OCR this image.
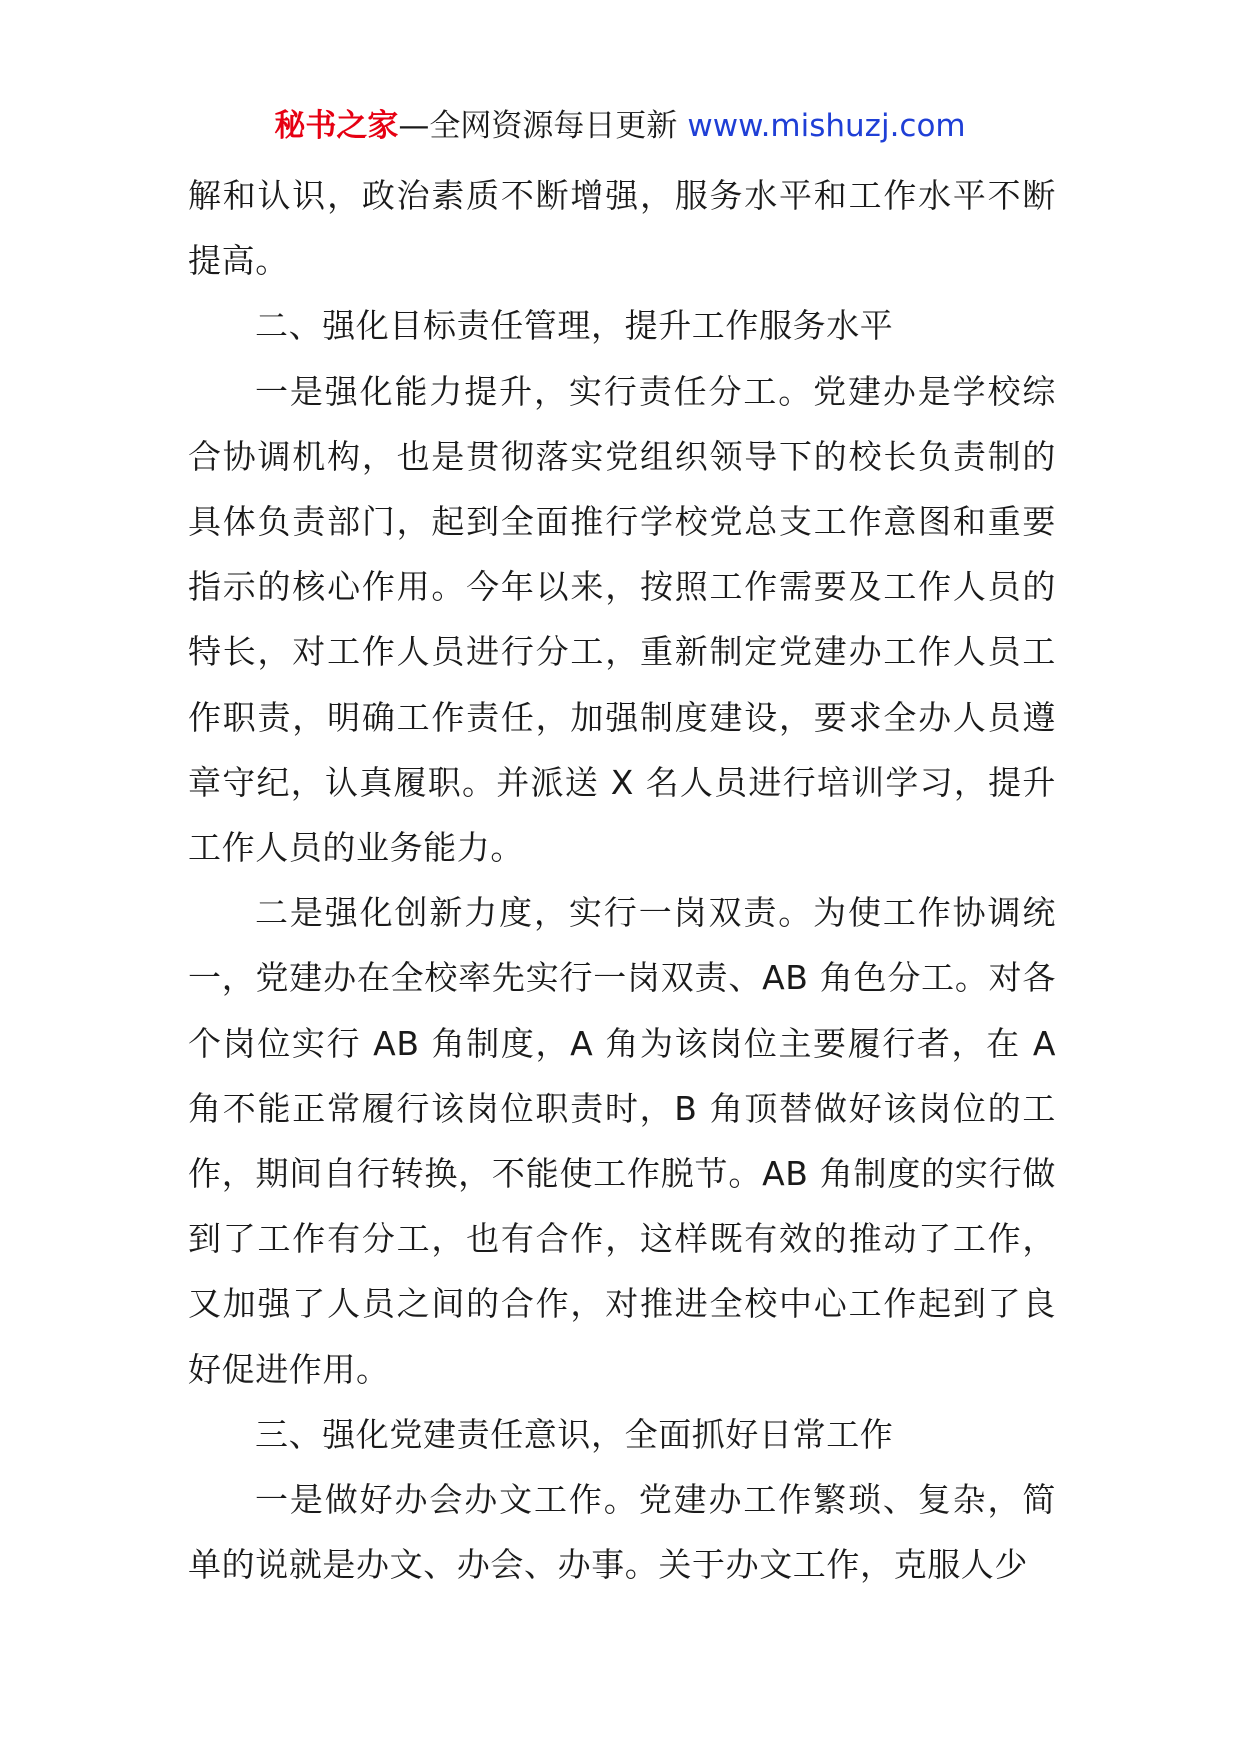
秘书之家—全网资源每日更新 www.mishuzj.com

解和认识，政治素质不断增强，服务水平和工作水平不断提高。

二、强化目标责任管理，提升工作服务水平

一是强化能力提升，实行责任分工。党建办是学校综合协调机构，也是贯彻落实党组织领导下的校长负责制的具体负责部门，起到全面推行学校党总支工作意图和重要指示的核心作用。今年以来，按照工作需要及工作人员的特长，对工作人员进行分工，重新制定党建办工作人员工作职责，明确工作责任，加强制度建设，要求全办人员遵章守纪，认真履职。并派送 X 名人员进行培训学习，提升工作人员的业务能力。

二是强化创新力度，实行一岗双责。为使工作协调统一，党建办在全校率先实行一岗双责、AB 角色分工。对各个岗位实行 AB 角制度，A 角为该岗位主要履行者，在 A 角不能正常履行该岗位职责时，B 角顶替做好该岗位的工作，期间自行转换，不能使工作脱节。AB 角制度的实行做到了工作有分工，也有合作，这样既有效的推动了工作，又加强了人员之间的合作，对推进全校中心工作起到了良好促进作用。

三、强化党建责任意识，全面抓好日常工作

一是做好办会办文工作。党建办工作繁琐、复杂，简单的说就是办文、办会、办事。关于办文工作，克服人少
